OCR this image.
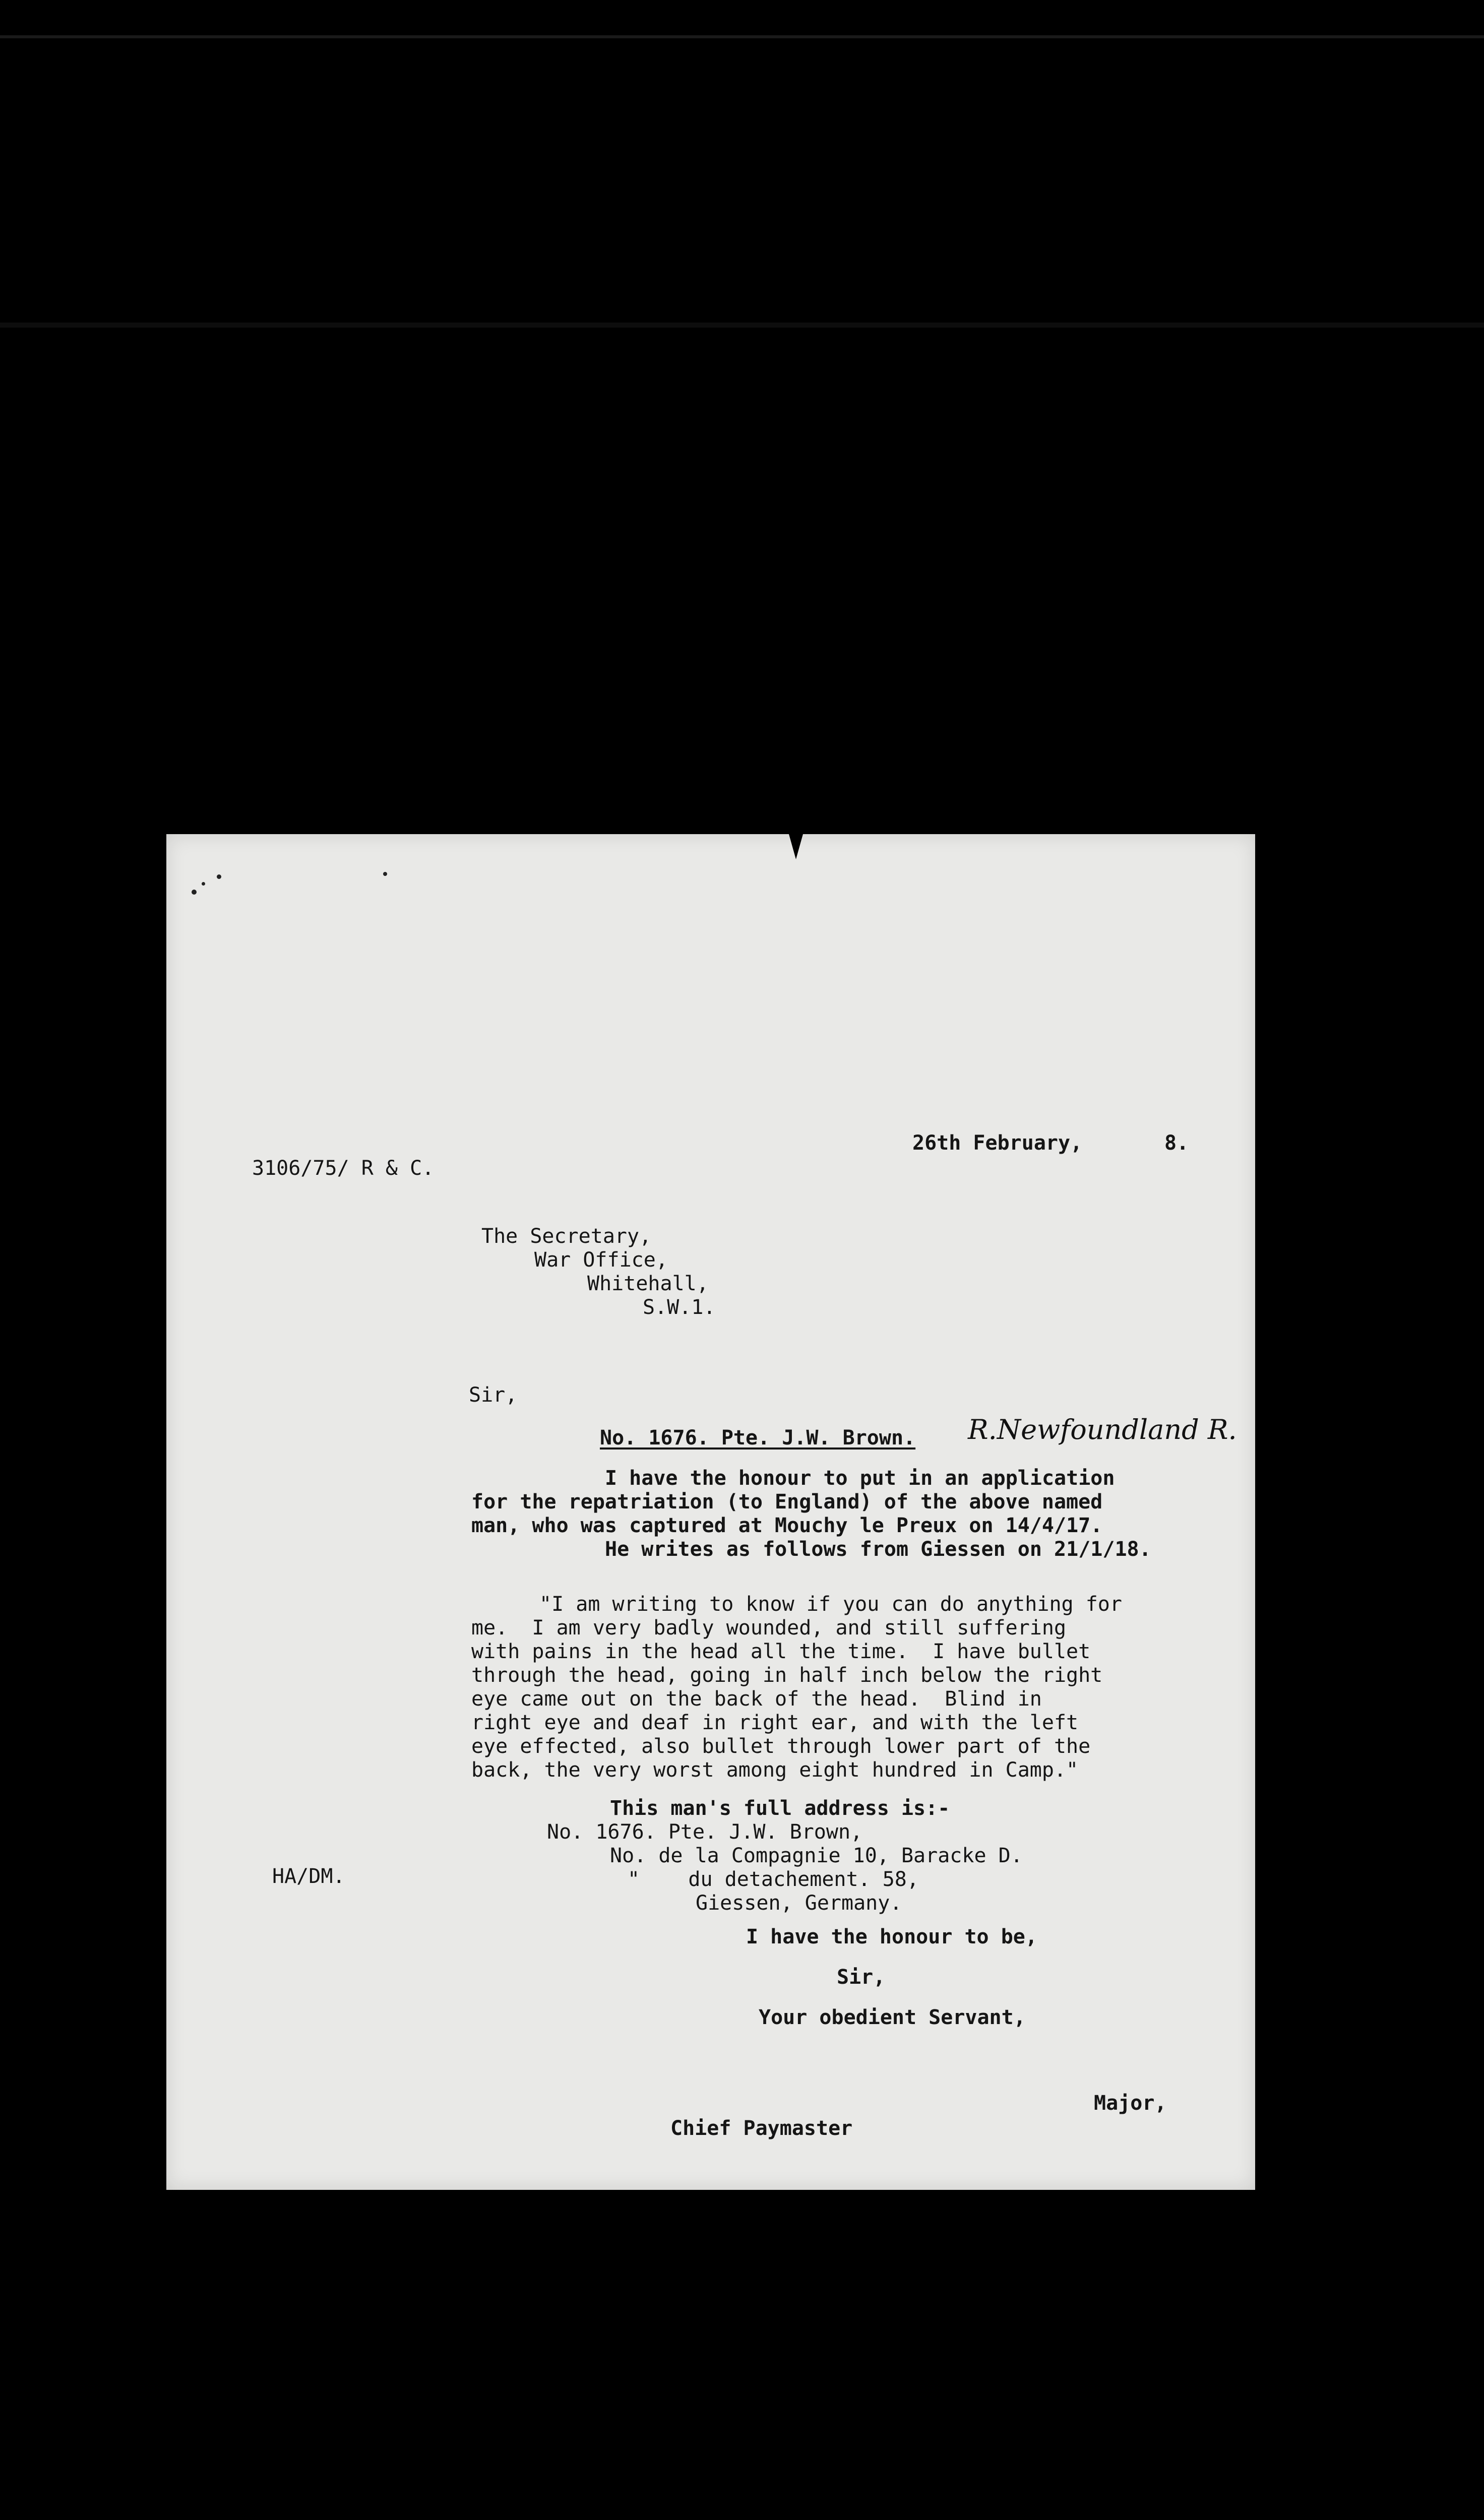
3106/75/ R & C.
26th February,	8.
The Secretary,
War Office,
Whitehall,
S.W.1.
Sir,
No. 1676. Pte. J.W. Brown. R.Newfoundland R.
I have the honour to put in an application
for the repatriation (to England) of the above named
man, who was captured at Mouchy le Preux on 14/4/17.
He writes as follows from Giessen on 21/1/18.
"I am writing to know if you can do anything for
me.  I am very badly wounded, and still suffering
with pains in the head all the time.  I have bullet
through the head, going in half inch below the right
eye came out on the back of the head.  Blind in
right eye and deaf in right ear, and with the left
eye effected, also bullet through lower part of the
back, the very worst among eight hundred in Camp."
This man's full address is:-
No. 1676. Pte. J.W. Brown,
No. de la Compagnie 10, Baracke D.
"    du detachement. 58,
Giessen, Germany.
HA/DM.
I have the honour to be,
Sir,
Your obedient Servant,
Major,
Chief Paymaster
